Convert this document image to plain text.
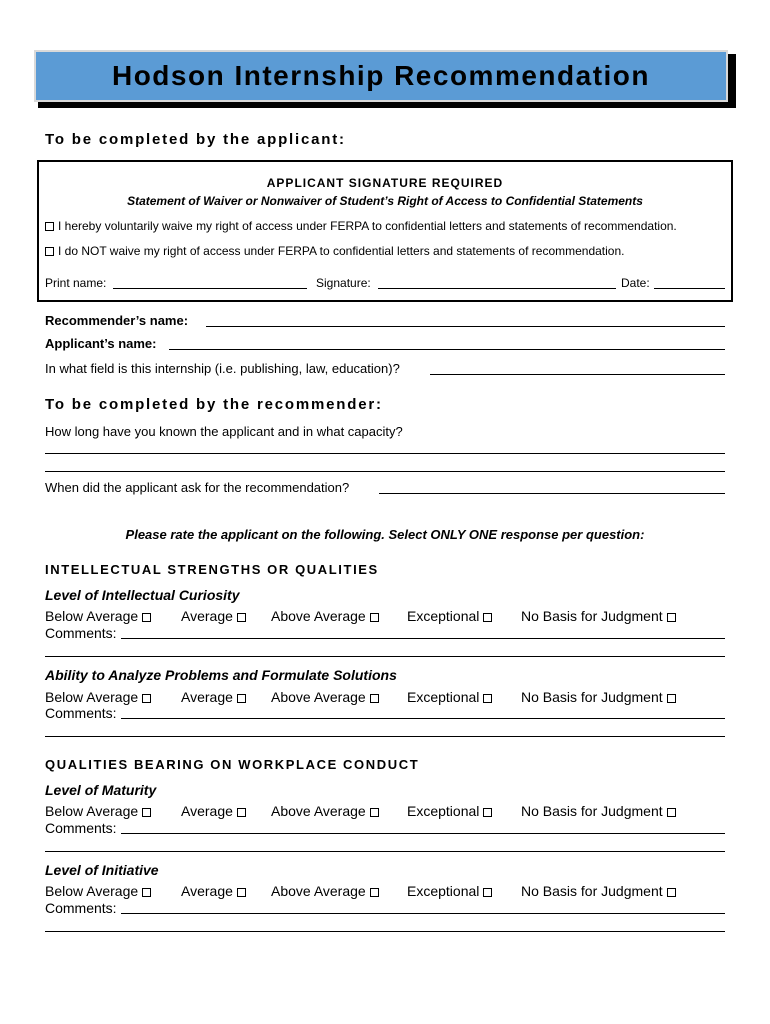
Hodson Internship Recommendation
To be completed by the applicant:
APPLICANT SIGNATURE REQUIRED
Statement of Waiver or Nonwaiver of Student’s Right of Access to Confidential Statements
I hereby voluntarily waive my right of access under FERPA to confidential letters and statements of recommendation.
I do NOT waive my right of access under FERPA to confidential letters and statements of recommendation.
Print name:	Signature:	Date:
Recommender’s name:
Applicant’s name:
In what field is this internship (i.e. publishing, law, education)?
To be completed by the recommender:
How long have you known the applicant and in what capacity?
When did the applicant ask for the recommendation?
Please rate the applicant on the following. Select ONLY ONE response per question:
INTELLECTUAL STRENGTHS OR QUALITIES
Level of Intellectual Curiosity
Below Average	Average	Above Average	Exceptional	No Basis for Judgment
Comments:
Ability to Analyze Problems and Formulate Solutions
Below Average	Average	Above Average	Exceptional	No Basis for Judgment
Comments:
QUALITIES BEARING ON WORKPLACE CONDUCT
Level of Maturity
Below Average	Average	Above Average	Exceptional	No Basis for Judgment
Comments:
Level of Initiative
Below Average	Average	Above Average	Exceptional	No Basis for Judgment
Comments:
